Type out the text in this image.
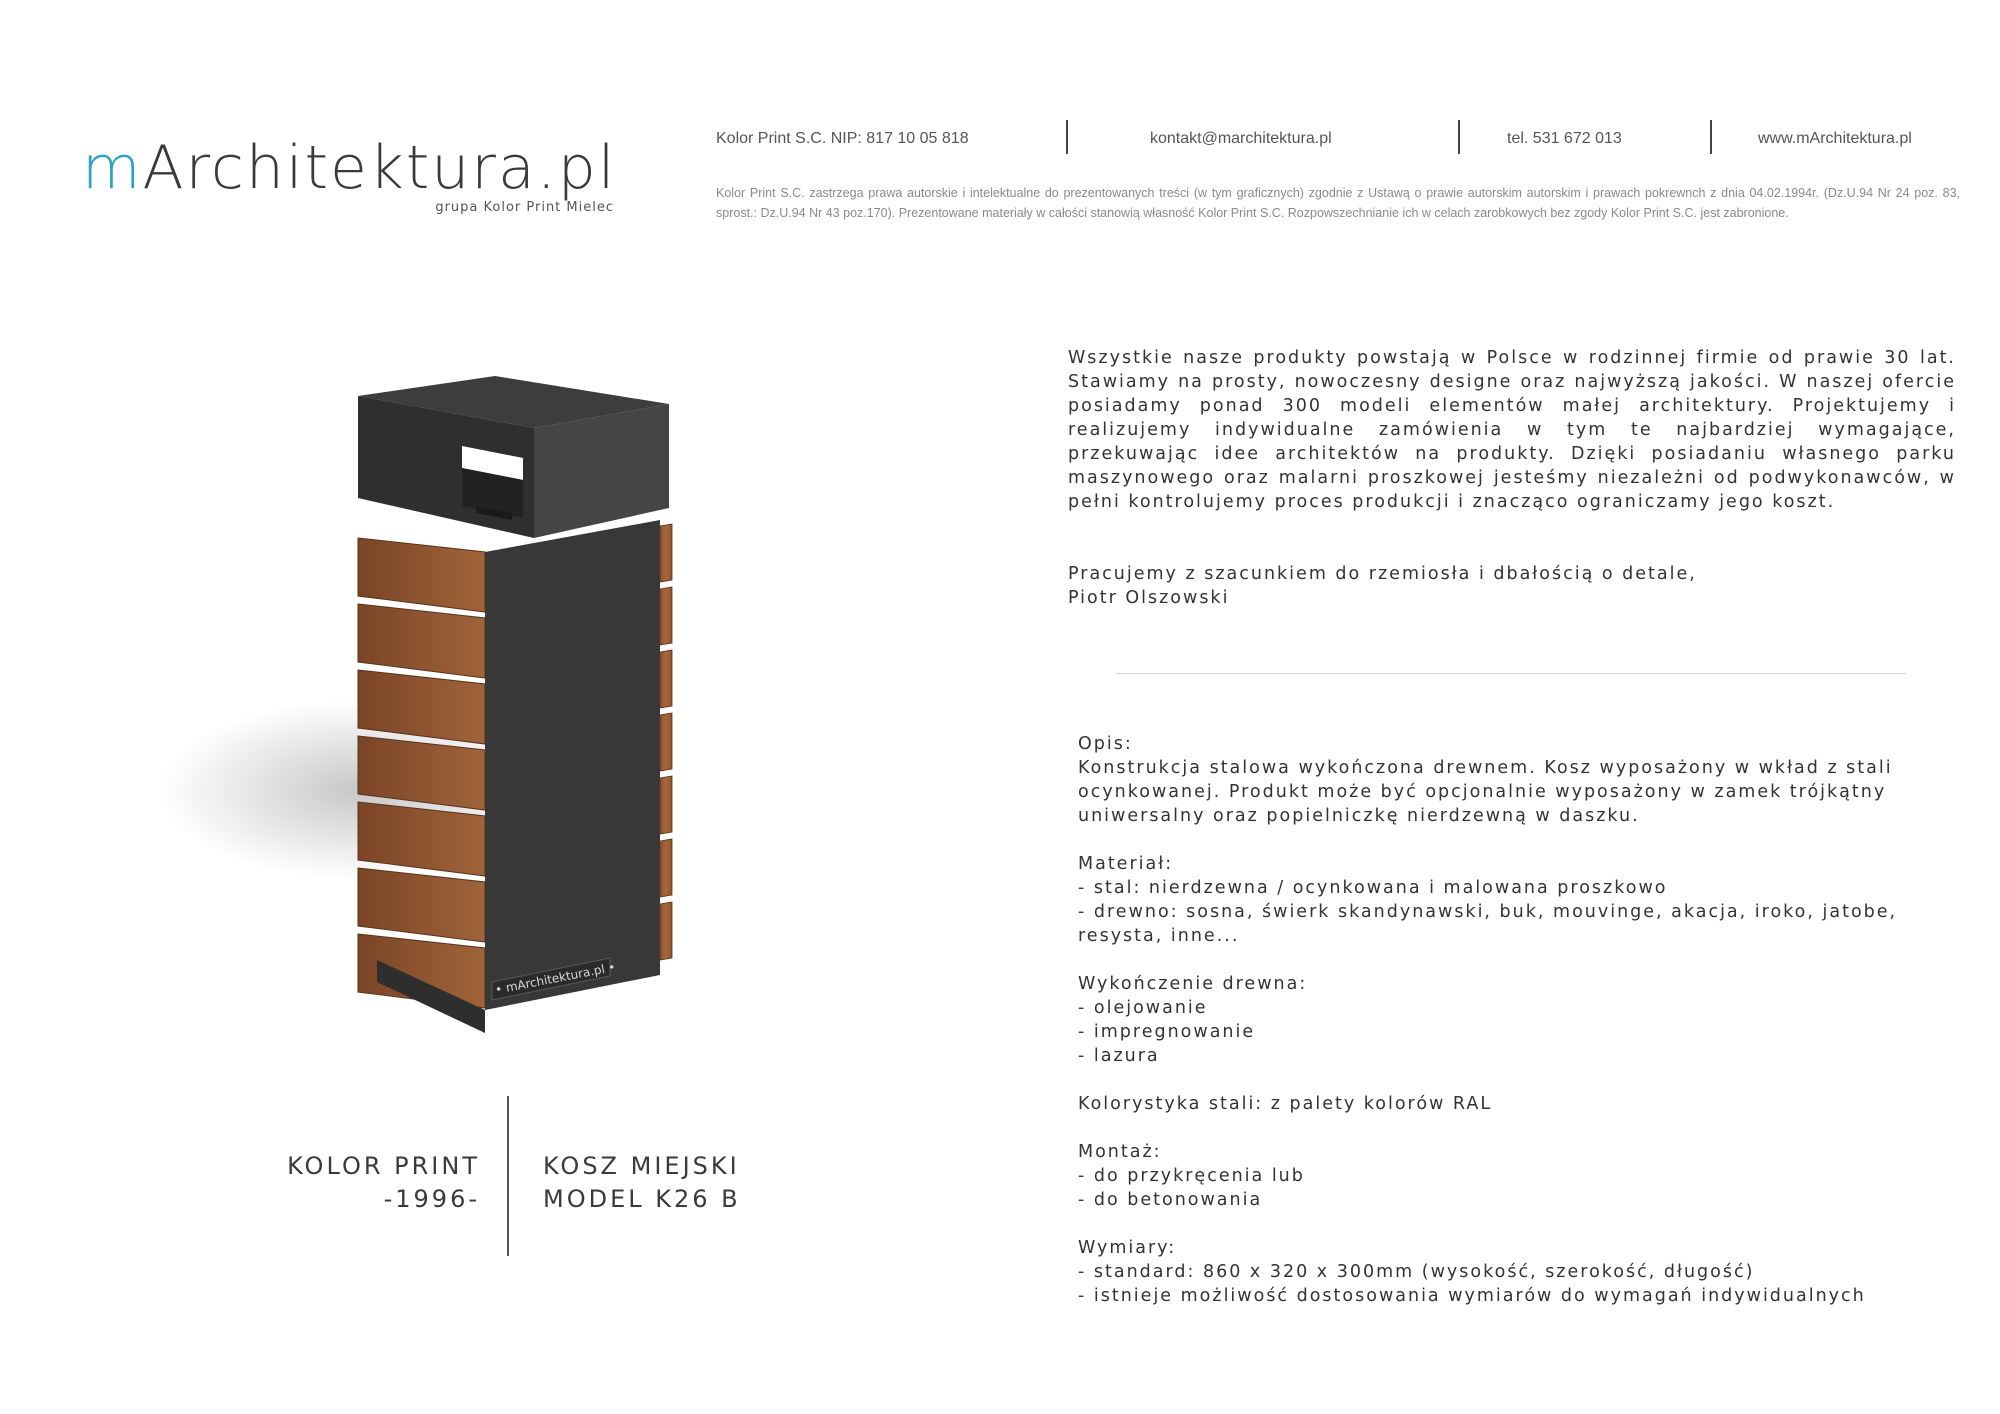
mArchitektura.pl
grupa Kolor Print Mielec
Kolor Print S.C. NIP: 817 10 05 818	kontakt@marchitektura.pl	tel. 531 672 013	www.mArchitektura.pl
Kolor Print S.C. zastrzega prawa autorskie i intelektualne do prezentowanych treści (w tym graficznych) zgodnie z Ustawą o prawie autorskim autorskim i prawach pokrewnch z dnia 04.02.1994r. (Dz.U.94 Nr 24 poz. 83, sprost.: Dz.U.94 Nr 43 poz.170). Prezentowane materiały w całości stanowią własność Kolor Print S.C. Rozpowszechnianie ich w celach zarobkowych bez zgody Kolor Print S.C. jest zabronione.

Wszystkie nasze produkty powstają w Polsce w rodzinnej firmie od prawie 30 lat. Stawiamy na prosty, nowoczesny designe oraz najwyższą jakości. W naszej ofercie posiadamy ponad 300 modeli elementów małej architektury. Projektujemy i realizujemy indywidualne zamówienia w tym te najbardziej wymagające, przekuwając idee architektów na produkty. Dzięki posiadaniu własnego parku maszynowego oraz malarni proszkowej jesteśmy niezależni od podwykonawców, w pełni kontrolujemy proces produkcji i znacząco ograniczamy jego koszt.

Pracujemy z szacunkiem do rzemiosła i dbałością o detale,
Piotr Olszowski
Opis:
Konstrukcja stalowa wykończona drewnem. Kosz wyposażony w wkład z stali
ocynkowanej. Produkt może być opcjonalnie wyposażony w zamek trójkątny
uniwersalny oraz popielniczkę nierdzewną w daszku.
Materiał:
- stal: nierdzewna / ocynkowana i malowana proszkowo
- drewno: sosna, świerk skandynawski, buk, mouvinge, akacja, iroko, jatobe,
resysta, inne...
Wykończenie drewna:
- olejowanie
- impregnowanie
- lazura
Kolorystyka stali: z palety kolorów RAL
Montaż:
- do przykręcenia lub
- do betonowania
Wymiary:
- standard: 860 x 320 x 300mm (wysokość, szerokość, długość)
- istnieje możliwość dostosowania wymiarów do wymagań indywidualnych
• mArchitektura.pl •
KOLOR PRINT
-1996-
KOSZ MIEJSKI
MODEL K26 B
